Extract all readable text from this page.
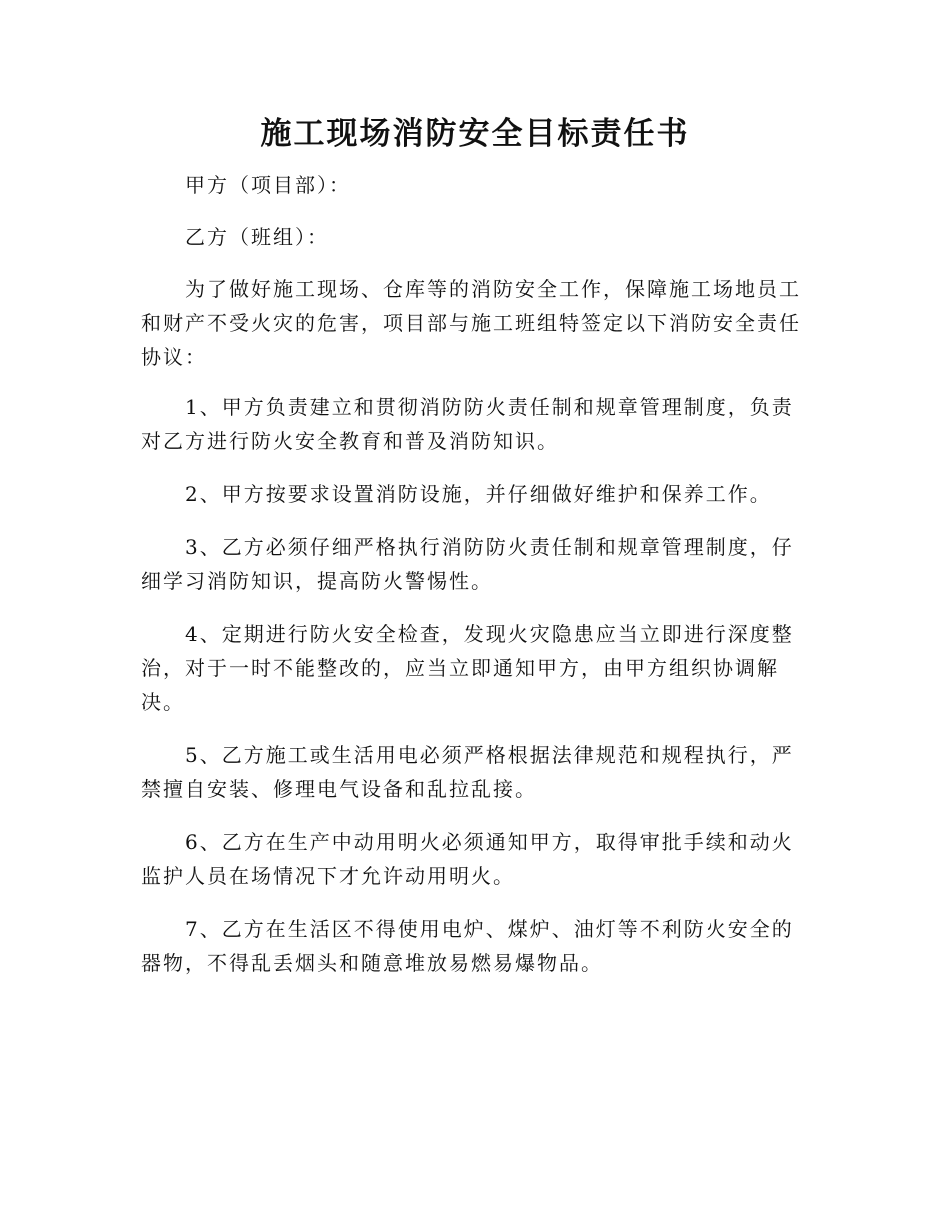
施工现场消防安全目标责任书

甲方（项目部）：

乙方（班组）：

为了做好施工现场、仓库等的消防安全工作，保障施工场地员工和财产不受火灾的危害，项目部与施工班组特签定以下消防安全责任协议：

1、甲方负责建立和贯彻消防防火责任制和规章管理制度，负责对乙方进行防火安全教育和普及消防知识。

2、甲方按要求设置消防设施，并仔细做好维护和保养工作。

3、乙方必须仔细严格执行消防防火责任制和规章管理制度，仔细学习消防知识，提高防火警惕性。

4、定期进行防火安全检查，发现火灾隐患应当立即进行深度整治，对于一时不能整改的，应当立即通知甲方，由甲方组织协调解决。

5、乙方施工或生活用电必须严格根据法律规范和规程执行，严禁擅自安装、修理电气设备和乱拉乱接。

6、乙方在生产中动用明火必须通知甲方，取得审批手续和动火监护人员在场情况下才允许动用明火。

7、乙方在生活区不得使用电炉、煤炉、油灯等不利防火安全的器物，不得乱丢烟头和随意堆放易燃易爆物品。
